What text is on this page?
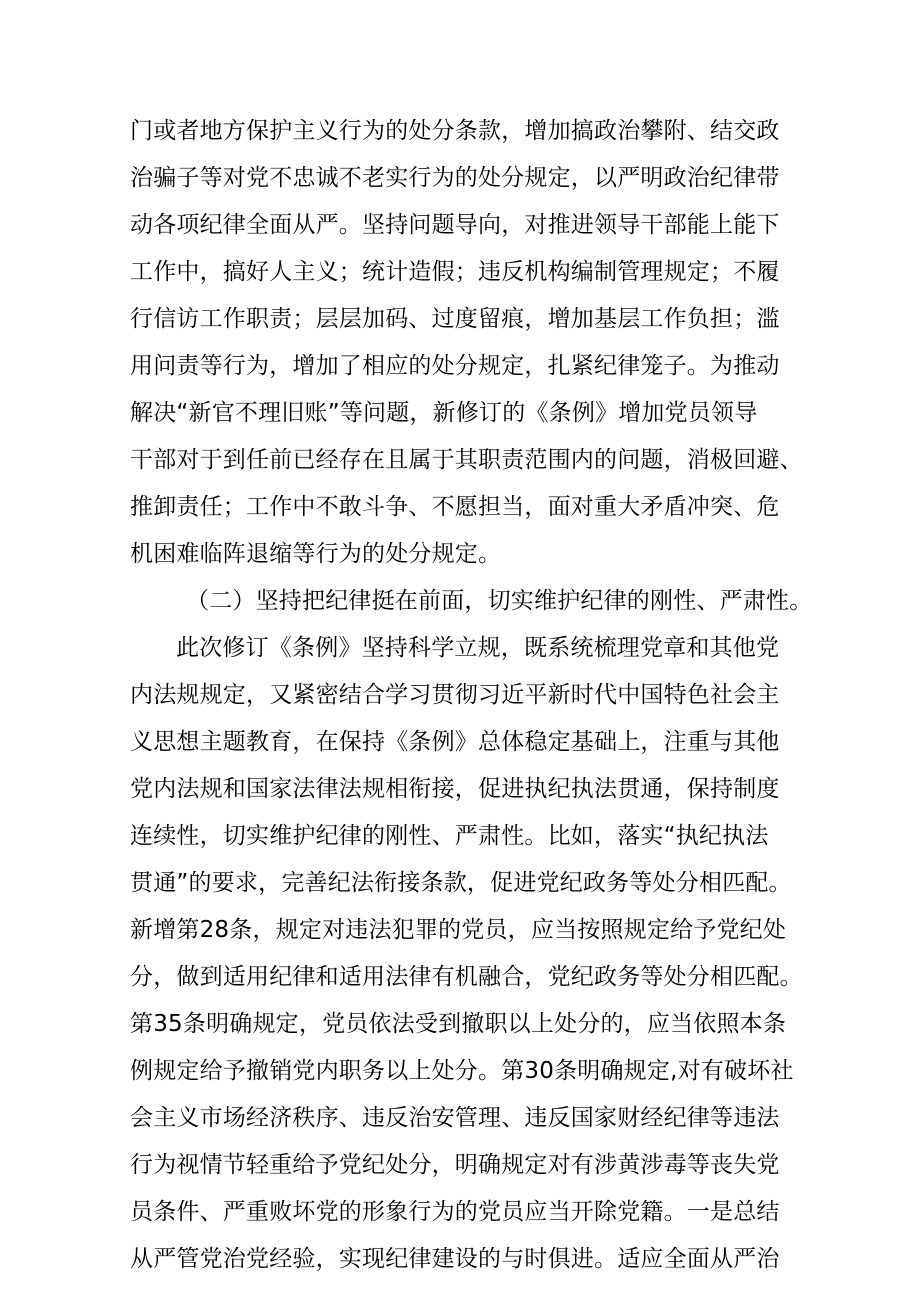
门或者地方保护主义行为的处分条款，增加搞政治攀附、结交政
治骗子等对党不忠诚不老实行为的处分规定，以严明政治纪律带
动各项纪律全面从严。坚持问题导向，对推进领导干部能上能下
工作中，搞好人主义；统计造假；违反机构编制管理规定；不履
行信访工作职责；层层加码、过度留痕，增加基层工作负担；滥
用问责等行为，增加了相应的处分规定，扎紧纪律笼子。为推动
解决“新官不理旧账”等问题，新修订的《条例》增加党员领导
干部对于到任前已经存在且属于其职责范围内的问题，消极回避、
推卸责任；工作中不敢斗争、不愿担当，面对重大矛盾冲突、危
机困难临阵退缩等行为的处分规定。
（二）坚持把纪律挺在前面，切实维护纪律的刚性、严肃性。
此次修订《条例》坚持科学立规，既系统梳理党章和其他党
内法规规定，又紧密结合学习贯彻习近平新时代中国特色社会主
义思想主题教育，在保持《条例》总体稳定基础上，注重与其他
党内法规和国家法律法规相衔接，促进执纪执法贯通，保持制度
连续性，切实维护纪律的刚性、严肃性。比如，落实“执纪执法
贯通”的要求，完善纪法衔接条款，促进党纪政务等处分相匹配。
新增第28条，规定对违法犯罪的党员，应当按照规定给予党纪处
分，做到适用纪律和适用法律有机融合，党纪政务等处分相匹配。
第35条明确规定，党员依法受到撤职以上处分的，应当依照本条
例规定给予撤销党内职务以上处分。第30条明确规定,对有破坏社
会主义市场经济秩序、违反治安管理、违反国家财经纪律等违法
行为视情节轻重给予党纪处分，明确规定对有涉黄涉毒等丧失党
员条件、严重败坏党的形象行为的党员应当开除党籍。一是总结
从严管党治党经验，实现纪律建设的与时俱进。适应全面从严治
